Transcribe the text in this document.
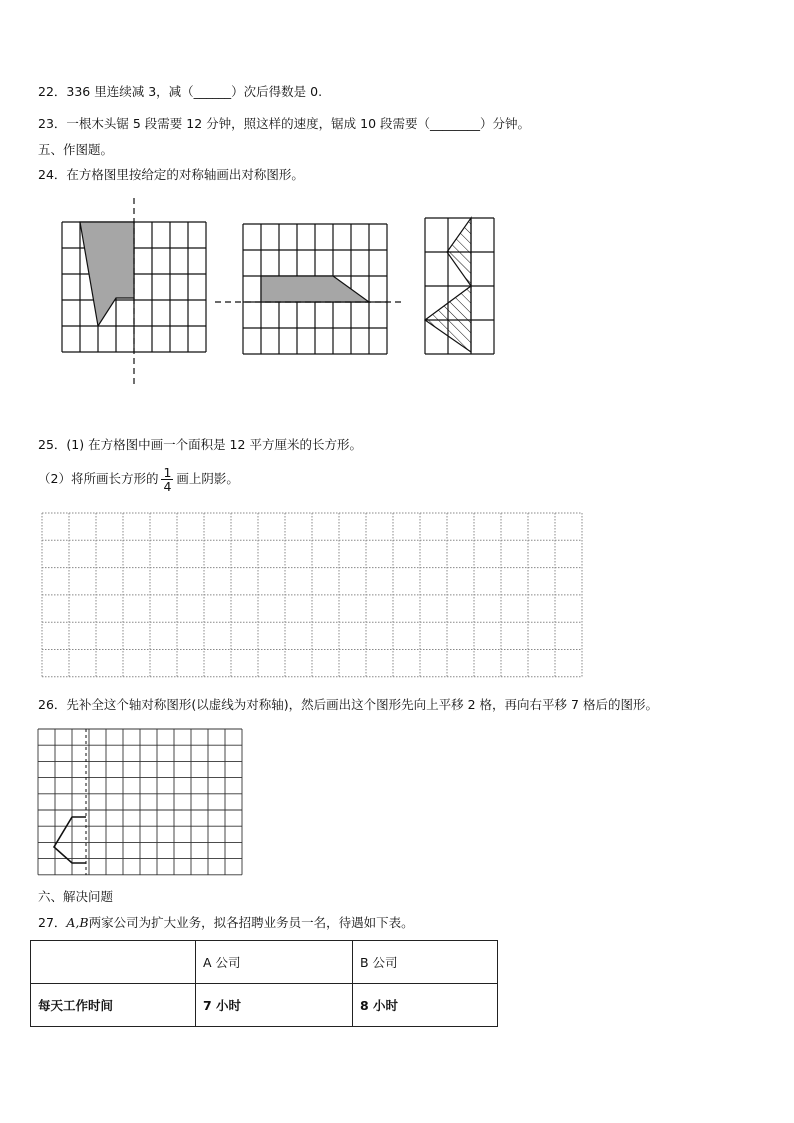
22．336 里连续减 3，减（______）次后得数是 0.
23．一根木头锯 5 段需要 12 分钟，照这样的速度，锯成 10 段需要（________）分钟。
五、作图题。
24．在方格图里按给定的对称轴画出对称图形。
25．(1) 在方格图中画一个面积是 12 平方厘米的长方形。
（2）将所画长方形的 $\frac{1}{4}$ 画上阴影。
26．先补全这个轴对称图形(以虚线为对称轴)，然后画出这个图形先向上平移 2 格，再向右平移 7 格后的图形。
六、解决问题
27．A,B两家公司为扩大业务，拟各招聘业务员一名，待遇如下表。
	A 公司	B 公司
每天工作时间	7 小时	8 小时
